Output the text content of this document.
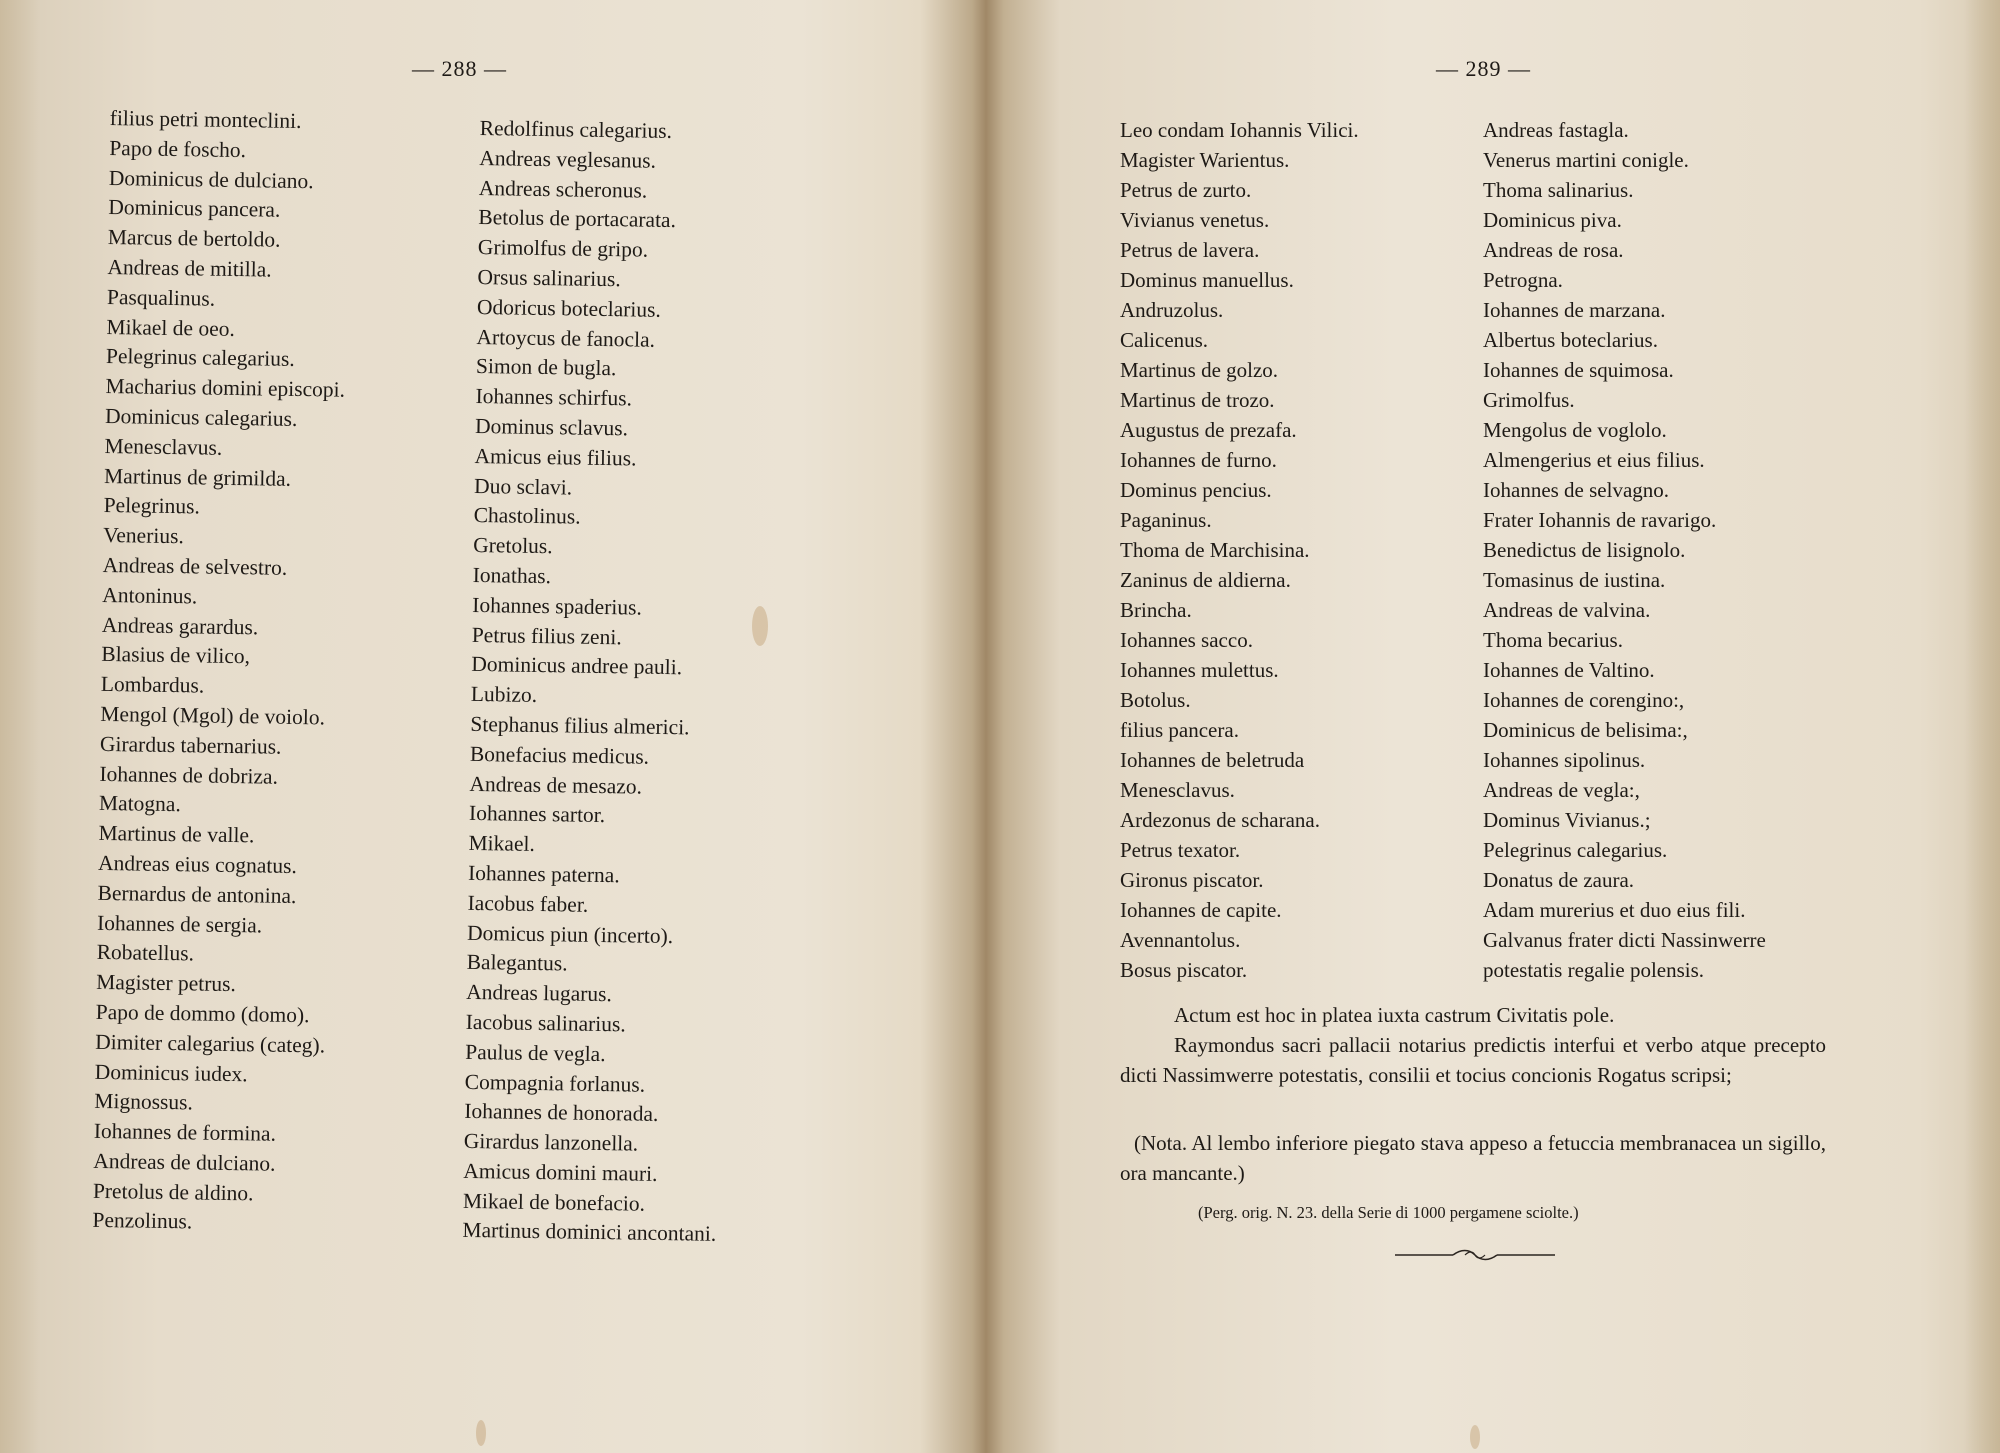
— 288 —
filius petri monteclini.
Papo de foscho.
Dominicus de dulciano.
Dominicus pancera.
Marcus de bertoldo.
Andreas de mitilla.
Pasqualinus.
Mikael de oeo.
Pelegrinus calegarius.
Macharius domini episcopi.
Dominicus calegarius.
Menesclavus.
Martinus de grimilda.
Pelegrinus.
Venerius.
Andreas de selvestro.
Antoninus.
Andreas garardus.
Blasius de vilico,
Lombardus.
Mengol (Mgol) de voiolo.
Girardus tabernarius.
Iohannes de dobriza.
Matogna.
Martinus de valle.
Andreas eius cognatus.
Bernardus de antonina.
Iohannes de sergia.
Robatellus.
Magister petrus.
Papo de dommo (domo).
Dimiter calegarius (categ).
Dominicus iudex.
Mignossus.
Iohannes de formina.
Andreas de dulciano.
Pretolus de aldino.
Penzolinus.
Redolfinus calegarius.
Andreas veglesanus.
Andreas scheronus.
Betolus de portacarata.
Grimolfus de gripo.
Orsus salinarius.
Odoricus boteclarius.
Artoycus de fanocla.
Simon de bugla.
Iohannes schirfus.
Dominus sclavus.
Amicus eius filius.
Duo sclavi.
Chastolinus.
Gretolus.
Ionathas.
Iohannes spaderius.
Petrus filius zeni.
Dominicus andree pauli.
Lubizo.
Stephanus filius almerici.
Bonefacius medicus.
Andreas de mesazo.
Iohannes sartor.
Mikael.
Iohannes paterna.
Iacobus faber.
Domicus piun (incerto).
Balegantus.
Andreas lugarus.
Iacobus salinarius.
Paulus de vegla.
Compagnia forlanus.
Iohannes de honorada.
Girardus lanzonella.
Amicus domini mauri.
Mikael de bonefacio.
Martinus dominici ancontani.
— 289 —
Leo condam Iohannis Vilici.
Magister Warientus.
Petrus de zurto.
Vivianus venetus.
Petrus de lavera.
Dominus manuellus.
Andruzolus.
Calicenus.
Martinus de golzo.
Martinus de trozo.
Augustus de prezafa.
Iohannes de furno.
Dominus pencius.
Paganinus.
Thoma de Marchisina.
Zaninus de aldierna.
Brincha.
Iohannes sacco.
Iohannes mulettus.
Botolus.
filius pancera.
Iohannes de beletruda
Menesclavus.
Ardezonus de scharana.
Petrus texator.
Gironus piscator.
Iohannes de capite.
Avennantolus.
Bosus piscator.
Andreas fastagla.
Venerus martini conigle.
Thoma salinarius.
Dominicus piva.
Andreas de rosa.
Petrogna.
Iohannes de marzana.
Albertus boteclarius.
Iohannes de squimosa.
Grimolfus.
Mengolus de voglolo.
Almengerius et eius filius.
Iohannes de selvagno.
Frater Iohannis de ravarigo.
Benedictus de lisignolo.
Tomasinus de iustina.
Andreas de valvina.
Thoma becarius.
Iohannes de Valtino.
Iohannes de corengino:,
Dominicus de belisima:,
Iohannes sipolinus.
Andreas de vegla:,
Dominus Vivianus.;
Pelegrinus calegarius.
Donatus de zaura.
Adam murerius et duo eius fili.
Galvanus frater dicti Nassinwerre
potestatis regalie polensis.
Actum est hoc in platea iuxta castrum Civitatis pole.
Raymondus sacri pallacii notarius predictis interfui et verbo atque precepto dicti Nassimwerre potestatis, consilii et tocius concionis Rogatus scripsi;
(Nota. Al lembo inferiore piegato stava appeso a fetuccia membranacea un sigillo, ora mancante.)
(Perg. orig. N. 23. della Serie di 1000 pergamene sciolte.)
